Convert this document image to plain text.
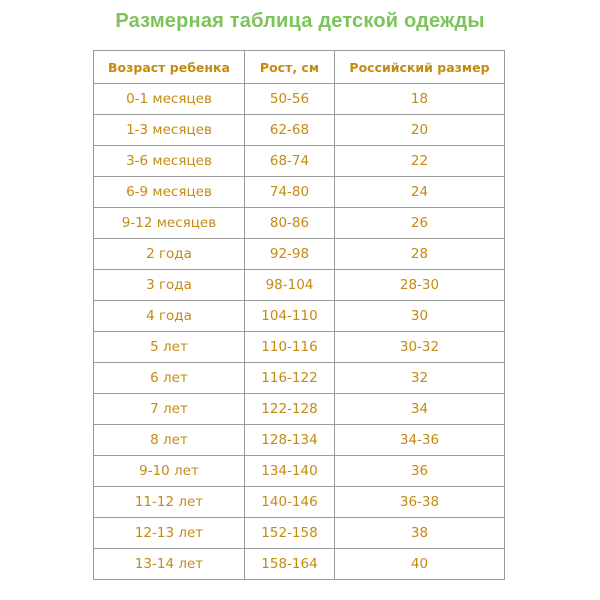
Размерная таблица детской одежды
Возраст ребенка	Рост, см	Российский размер
0-1 месяцев	50-56	18
1-3 месяцев	62-68	20
3-6 месяцев	68-74	22
6-9 месяцев	74-80	24
9-12 месяцев	80-86	26
2 года	92-98	28
3 года	98-104	28-30
4 года	104-110	30
5 лет	110-116	30-32
6 лет	116-122	32
7 лет	122-128	34
8 лет	128-134	34-36
9-10 лет	134-140	36
11-12 лет	140-146	36-38
12-13 лет	152-158	38
13-14 лет	158-164	40
